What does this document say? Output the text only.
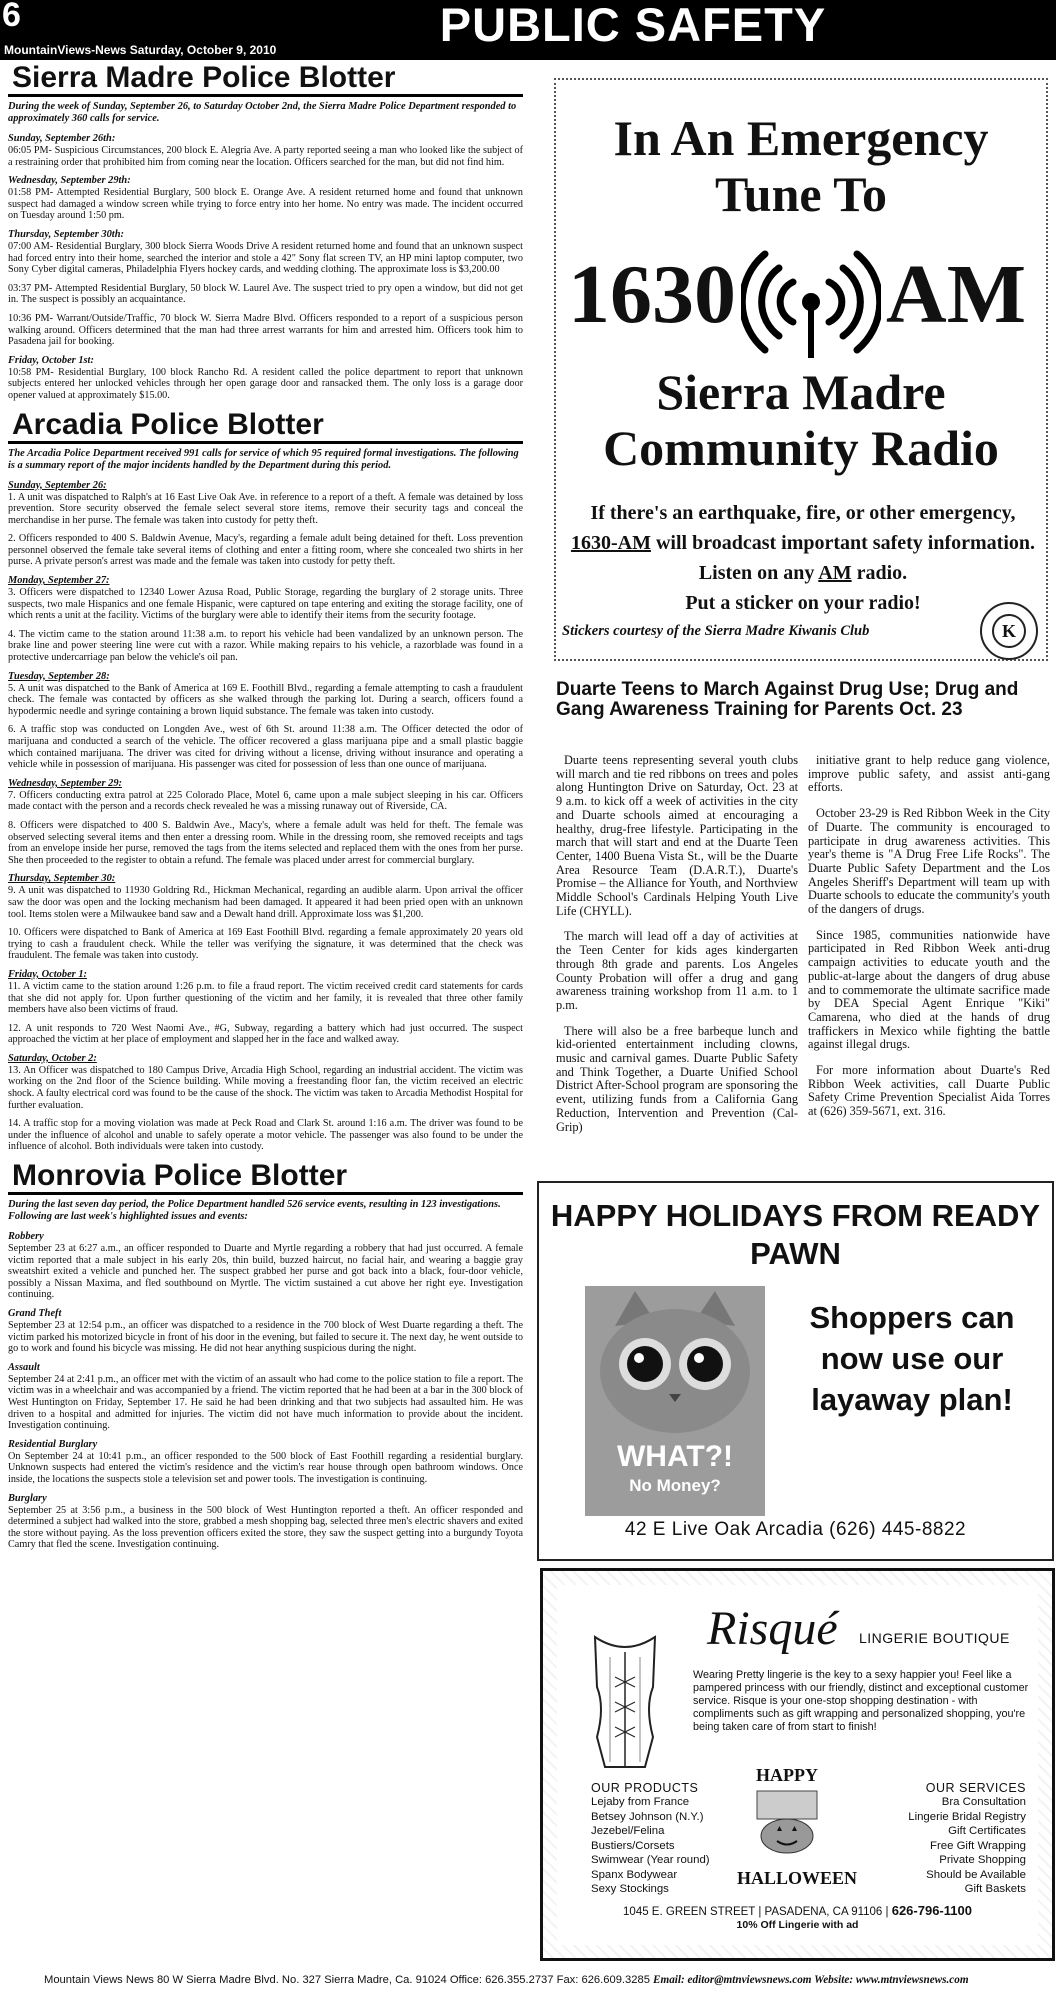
6	PUBLIC SAFETY
MountainViews-News Saturday, October 9, 2010
Sierra Madre Police Blotter
During the week of Sunday, September 26, to Saturday October 2nd, the Sierra Madre Police Department responded to approximately 360 calls for service.
Sunday, September 26th:
06:05 PM- Suspicious Circumstances, 200 block E. Alegria Ave. A party reported seeing a man who looked like the subject of a restraining order that prohibited him from coming near the location. Officers searched for the man, but did not find him.
Wednesday, September 29th:
01:58 PM- Attempted Residential Burglary, 500 block E. Orange Ave. A resident returned home and found that unknown suspect had damaged a window screen while trying to force entry into her home. No entry was made. The incident occurred on Tuesday around 1:50 pm.
Thursday, September 30th:
07:00 AM- Residential Burglary, 300 block Sierra Woods Drive A resident returned home and found that an unknown suspect had forced entry into their home, searched the interior and stole a 42" Sony flat screen TV, an HP mini laptop computer, two Sony Cyber digital cameras, Philadelphia Flyers hockey cards, and wedding clothing. The approximate loss is $3,200.00
03:37 PM- Attempted Residential Burglary, 50 block W. Laurel Ave. The suspect tried to pry open a window, but did not get in. The suspect is possibly an acquaintance.
10:36 PM- Warrant/Outside/Traffic, 70 block W. Sierra Madre Blvd. Officers responded to a report of a suspicious person walking around. Officers determined that the man had three arrest warrants for him and arrested him. Officers took him to Pasadena jail for booking.
Friday, October 1st:
10:58 PM- Residential Burglary, 100 block Rancho Rd. A resident called the police department to report that unknown subjects entered her unlocked vehicles through her open garage door and ransacked them. The only loss is a garage door opener valued at approximately $15.00.
Arcadia Police Blotter
The Arcadia Police Department received 991 calls for service of which 95 required formal investigations. The following is a summary report of the major incidents handled by the Department during this period.
Sunday, September 26:
1. A unit was dispatched to Ralph's at 16 East Live Oak Ave. in reference to a report of a theft. A female was detained by loss prevention. Store security observed the female select several store items, remove their security tags and conceal the merchandise in her purse. The female was taken into custody for petty theft.
2. Officers responded to 400 S. Baldwin Avenue, Macy's, regarding a female adult being detained for theft. Loss prevention personnel observed the female take several items of clothing and enter a fitting room, where she concealed two shirts in her purse. A private person's arrest was made and the female was taken into custody for petty theft.
Monday, September 27:
3. Officers were dispatched to 12340 Lower Azusa Road, Public Storage, regarding the burglary of 2 storage units. Three suspects, two male Hispanics and one female Hispanic, were captured on tape entering and exiting the storage facility, one of which rents a unit at the facility. Victims of the burglary were able to identify their items from the security footage.
4. The victim came to the station around 11:38 a.m. to report his vehicle had been vandalized by an unknown person. The brake line and power steering line were cut with a razor. While making repairs to his vehicle, a razorblade was found in a protective undercarriage pan below the vehicle's oil pan.
Tuesday, September 28:
5. A unit was dispatched to the Bank of America at 169 E. Foothill Blvd., regarding a female attempting to cash a fraudulent check. The female was contacted by officers as she walked through the parking lot. During a search, officers found a hypodermic needle and syringe containing a brown liquid substance. The female was taken into custody.
6. A traffic stop was conducted on Longden Ave., west of 6th St. around 11:38 a.m. The Officer detected the odor of marijuana and conducted a search of the vehicle. The officer recovered a glass marijuana pipe and a small plastic baggie which contained marijuana. The driver was cited for driving without a license, driving without insurance and operating a vehicle while in possession of marijuana. His passenger was cited for possession of less than one ounce of marijuana.
Wednesday, September 29:
7. Officers conducting extra patrol at 225 Colorado Place, Motel 6, came upon a male subject sleeping in his car. Officers made contact with the person and a records check revealed he was a missing runaway out of Riverside, CA.
8. Officers were dispatched to 400 S. Baldwin Ave., Macy's, where a female adult was held for theft. The female was observed selecting several items and then enter a dressing room. While in the dressing room, she removed receipts and tags from an envelope inside her purse, removed the tags from the items selected and replaced them with the ones from her purse. She then proceeded to the register to obtain a refund. The female was placed under arrest for commercial burglary.
Thursday, September 30:
9. A unit was dispatched to 11930 Goldring Rd., Hickman Mechanical, regarding an audible alarm. Upon arrival the officer saw the door was open and the locking mechanism had been damaged. It appeared it had been pried open with an unknown tool. Items stolen were a Milwaukee band saw and a Dewalt hand drill. Approximate loss was $1,200.
10. Officers were dispatched to Bank of America at 169 East Foothill Blvd. regarding a female approximately 20 years old trying to cash a fraudulent check. While the teller was verifying the signature, it was determined that the check was fraudulent. The female was taken into custody.
Friday, October 1:
11. A victim came to the station around 1:26 p.m. to file a fraud report. The victim received credit card statements for cards that she did not apply for. Upon further questioning of the victim and her family, it is revealed that three other family members have also been victims of fraud.
12. A unit responds to 720 West Naomi Ave., #G, Subway, regarding a battery which had just occurred. The suspect approached the victim at her place of employment and slapped her in the face and walked away.
Saturday, October 2:
13. An Officer was dispatched to 180 Campus Drive, Arcadia High School, regarding an industrial accident. The victim was working on the 2nd floor of the Science building. While moving a freestanding floor fan, the victim received an electric shock. A faulty electrical cord was found to be the cause of the shock. The victim was taken to Arcadia Methodist Hospital for further evaluation.
14. A traffic stop for a moving violation was made at Peck Road and Clark St. around 1:16 a.m. The driver was found to be under the influence of alcohol and unable to safely operate a motor vehicle. The passenger was also found to be under the influence of alcohol. Both individuals were taken into custody.
Monrovia Police Blotter
During the last seven day period, the Police Department handled 526 service events, resulting in 123 investigations. Following are last week's highlighted issues and events:
Robbery
September 23 at 6:27 a.m., an officer responded to Duarte and Myrtle regarding a robbery that had just occurred. A female victim reported that a male subject in his early 20s, thin build, buzzed haircut, no facial hair, and wearing a baggie gray sweatshirt exited a vehicle and punched her. The suspect grabbed her purse and got back into a black, four-door vehicle, possibly a Nissan Maxima, and fled southbound on Myrtle. The victim sustained a cut above her right eye. Investigation continuing.
Grand Theft
September 23 at 12:54 p.m., an officer was dispatched to a residence in the 700 block of West Duarte regarding a theft. The victim parked his motorized bicycle in front of his door in the evening, but failed to secure it. The next day, he went outside to go to work and found his bicycle was missing. He did not hear anything suspicious during the night.
Assault
September 24 at 2:41 p.m., an officer met with the victim of an assault who had come to the police station to file a report. The victim was in a wheelchair and was accompanied by a friend. The victim reported that he had been at a bar in the 300 block of West Huntington on Friday, September 17. He said he had been drinking and that two subjects had assaulted him. He was driven to a hospital and admitted for injuries. The victim did not have much information to provide about the incident. Investigation continuing.
Residential Burglary
On September 24 at 10:41 p.m., an officer responded to the 500 block of East Foothill regarding a residential burglary. Unknown suspects had entered the victim's residence and the victim's rear house through open bathroom windows. Once inside, the locations the suspects stole a television set and power tools. The investigation is continuing.
Burglary
September 25 at 3:56 p.m., a business in the 500 block of West Huntington reported a theft. An officer responded and determined a subject had walked into the store, grabbed a mesh shopping bag, selected three men's electric shavers and exited the store without paying. As the loss prevention officers exited the store, they saw the suspect getting into a burgundy Toyota Camry that fled the scene. Investigation continuing.
In An Emergency
Tune To
1630 AM
Sierra Madre
Community Radio
If there's an earthquake, fire, or other emergency, 1630-AM will broadcast important safety information. Listen on any AM radio.
Put a sticker on your radio!
Stickers courtesy of the Sierra Madre Kiwanis Club	K
Duarte Teens to March Against Drug Use; Drug and Gang Awareness Training for Parents Oct. 23

Duarte teens representing several youth clubs will march and tie red ribbons on trees and poles along Huntington Drive on Saturday, Oct. 23 at 9 a.m. to kick off a week of activities in the city and Duarte schools aimed at encouraging a healthy, drug-free lifestyle. Participating in the march that will start and end at the Duarte Teen Center, 1400 Buena Vista St., will be the Duarte Area Resource Team (D.A.R.T.), Duarte's Promise – the Alliance for Youth, and Northview Middle School's Cardinals Helping Youth Live Life (CHYLL).

The march will lead off a day of activities at the Teen Center for kids ages kindergarten through 8th grade and parents. Los Angeles County Probation will offer a drug and gang awareness training workshop from 11 a.m. to 1 p.m.

There will also be a free barbeque lunch and kid-oriented entertainment including clowns, music and carnival games. Duarte Public Safety and Think Together, a Duarte Unified School District After-School program are sponsoring the event, utilizing funds from a California Gang Reduction, Intervention and Prevention (Cal-Grip)

initiative grant to help reduce gang violence, improve public safety, and assist anti-gang efforts.

October 23-29 is Red Ribbon Week in the City of Duarte. The community is encouraged to participate in drug awareness activities. This year's theme is "A Drug Free Life Rocks". The Duarte Public Safety Department and the Los Angeles Sheriff's Department will team up with Duarte schools to educate the community's youth of the dangers of drugs.

Since 1985, communities nationwide have participated in Red Ribbon Week anti-drug campaign activities to educate youth and the public-at-large about the dangers of drug abuse and to commemorate the ultimate sacrifice made by DEA Special Agent Enrique "Kiki" Camarena, who died at the hands of drug traffickers in Mexico while fighting the battle against illegal drugs.

For more information about Duarte's Red Ribbon Week activities, call Duarte Public Safety Crime Prevention Specialist Aida Torres at (626) 359-5671, ext. 316.

HAPPY HOLIDAYS FROM READY PAWN
WHAT?!
No Money?
Shoppers can now use our layaway plan!
42 E Live Oak Arcadia (626) 445-8822
Risqué LINGERIE BOUTIQUE
Wearing Pretty lingerie is the key to a sexy happier you! Feel like a pampered princess with our friendly, distinct and exceptional customer service. Risque is your one-stop shopping destination - with compliments such as gift wrapping and personalized shopping, you're being taken care of from start to finish!
OUR PRODUCTS
Lejaby from France
Betsey Johnson (N.Y.)
Jezebel/Felina
Bustiers/Corsets
Swimwear (Year round)
Spanx Bodywear
Sexy Stockings
HAPPY
HALLOWEEN
OUR SERVICES
Bra Consultation
Lingerie Bridal Registry
Gift Certificates
Free Gift Wrapping
Private Shopping
Should be Available
Gift Baskets
1045 E. GREEN STREET | PASADENA, CA 91106 | 626-796-1100
10% Off Lingerie with ad
Mountain Views News 80 W Sierra Madre Blvd. No. 327 Sierra Madre, Ca. 91024 Office: 626.355.2737 Fax: 626.609.3285 Email: editor@mtnviewsnews.com Website: www.mtnviewsnews.com
